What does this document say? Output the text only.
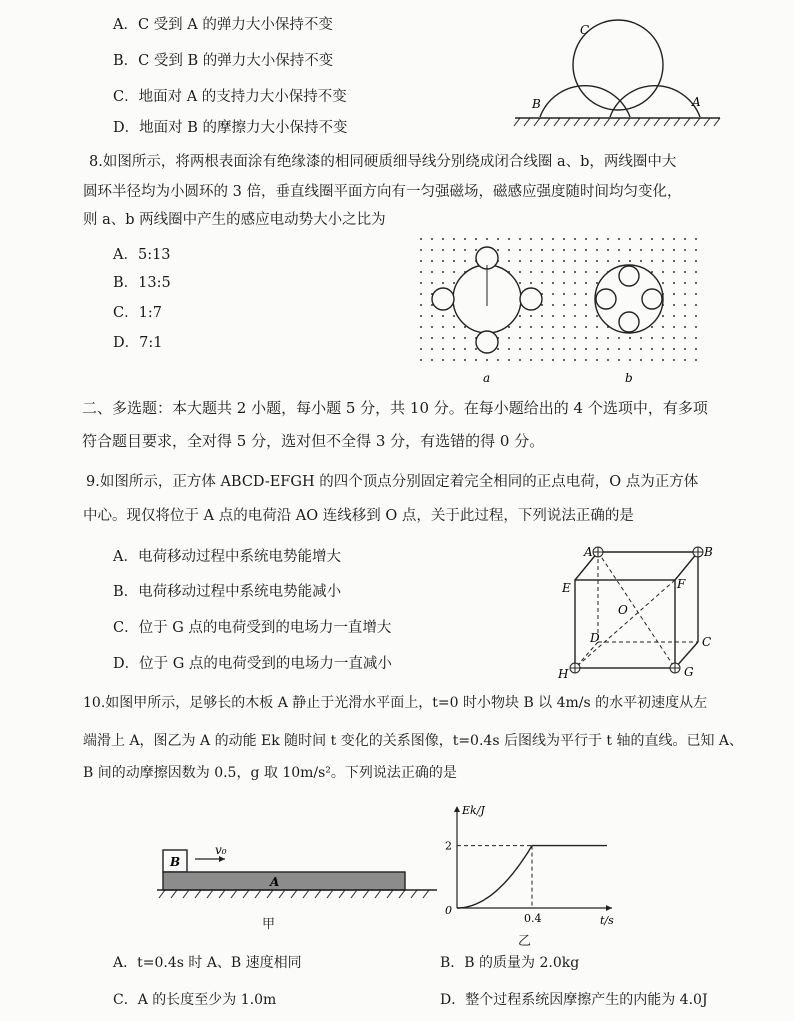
A．C 受到 A 的弹力大小保持不变
B．C 受到 B 的弹力大小保持不变
C．地面对 A 的支持力大小保持不变
D．地面对 B 的摩擦力大小保持不变
C
B	A
8.如图所示，将两根表面涂有绝缘漆的相同硬质细导线分别绕成闭合线圈 a、b，两线圈中大
圆环半径均为小圆环的 3 倍，垂直线圈平面方向有一匀强磁场，磁感应强度随时间均匀变化，
则 a、b 两线圈中产生的感应电动势大小之比为
A．5:13
B．13:5
C．1:7
D．7:1
a	b
二、多选题：本大题共 2 小题，每小题 5 分，共 10 分。在每小题给出的 4 个选项中，有多项
符合题目要求，全对得 5 分，选对但不全得 3 分，有选错的得 0 分。
9.如图所示，正方体 ABCD-EFGH 的四个顶点分别固定着完全相同的正点电荷，O 点为正方体
中心。现仅将位于 A 点的电荷沿 AO 连线移到 O 点，关于此过程，下列说法正确的是
A．电荷移动过程中系统电势能增大
B．电荷移动过程中系统电势能减小
C．位于 G 点的电荷受到的电场力一直增大
D．位于 G 点的电荷受到的电场力一直减小
A	B
C
D
E	F
G
H
O
10.如图甲所示，足够长的木板 A 静止于光滑水平面上，t=0 时小物块 B 以 4m/s 的水平初速度从左
端滑上 A，图乙为 A 的动能 Ek 随时间 t 变化的关系图像，t=0.4s 后图线为平行于 t 轴的直线。已知 A、
B 间的动摩擦因数为 0.5，g 取 10m/s²。下列说法正确的是
B
A
v₀
甲
Ek/J
t/s
0
2
0.4
乙
A．t=0.4s 时 A、B 速度相同	B．B 的质量为 2.0kg
C．A 的长度至少为 1.0m	D．整个过程系统因摩擦产生的内能为 4.0J
